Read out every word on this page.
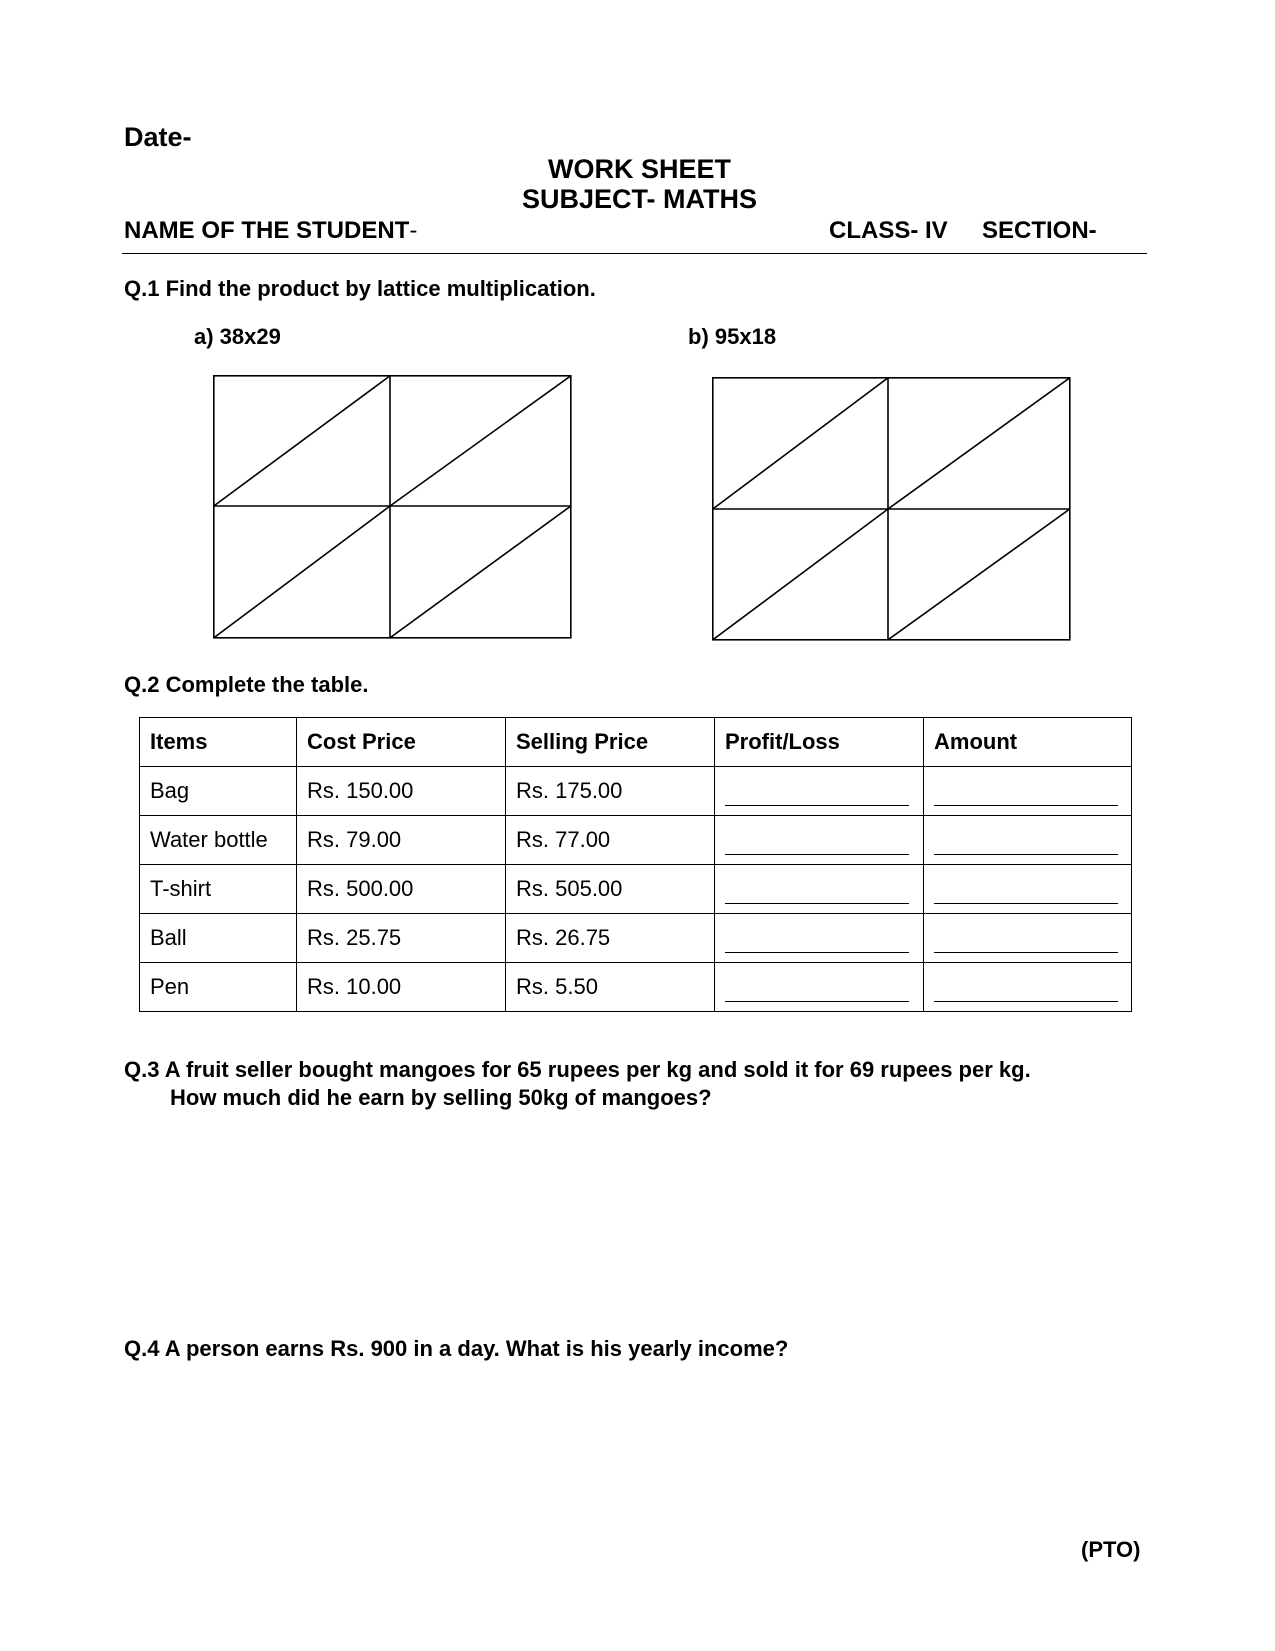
Date-
WORK SHEET
SUBJECT- MATHS
NAME OF THE STUDENT-	CLASS- IV SECTION-
Q.1 Find the product by lattice multiplication.
a) 38x29	b) 95x18
Q.2 Complete the table.
Items	Cost Price	Selling Price	Profit/Loss	Amount
Bag	Rs. 150.00	Rs. 175.00		
Water bottle	Rs. 79.00	Rs. 77.00		
T-shirt	Rs. 500.00	Rs. 505.00		
Ball	Rs. 25.75	Rs. 26.75		
Pen	Rs. 10.00	Rs. 5.50		
Q.3 A fruit seller bought mangoes for 65 rupees per kg and sold it for 69 rupees per kg.
How much did he earn by selling 50kg of mangoes?
Q.4 A person earns Rs. 900 in a day. What is his yearly income?
(PTO)
